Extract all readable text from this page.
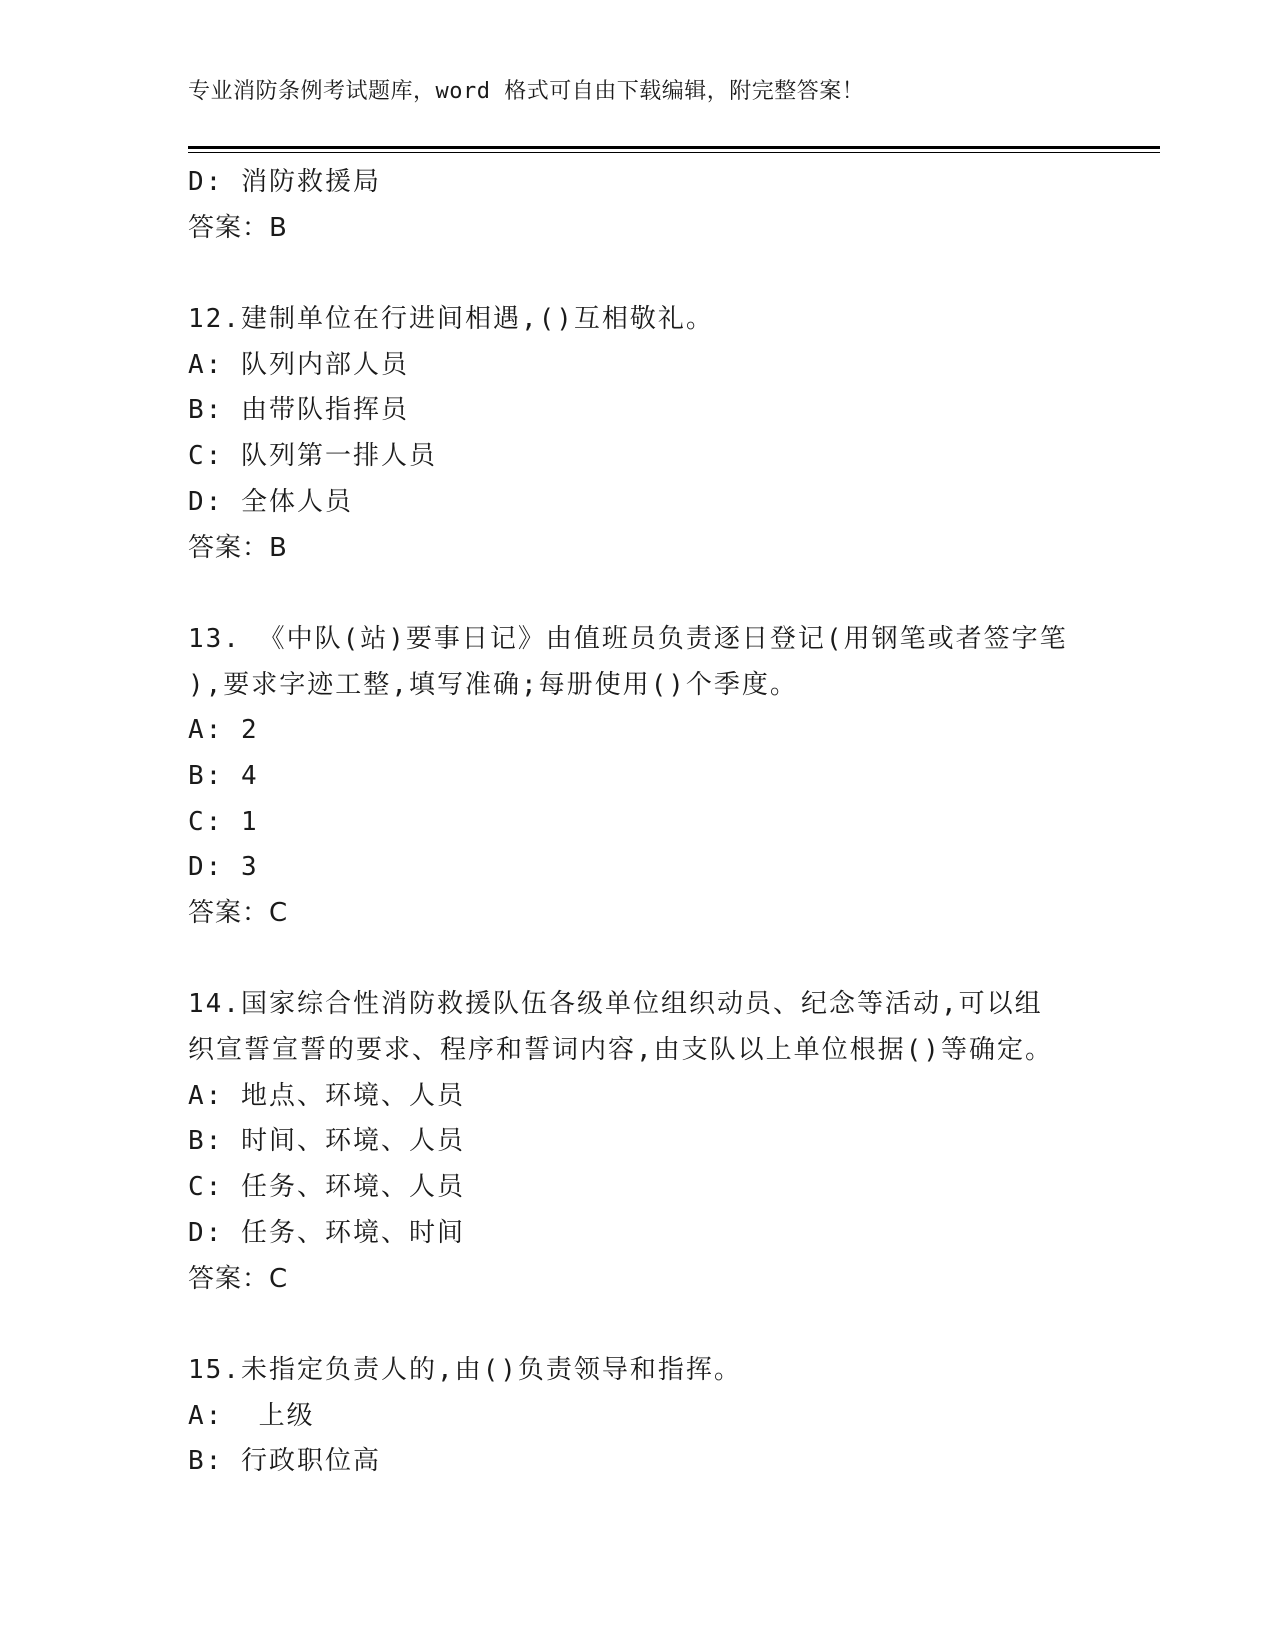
专业消防条例考试题库，word 格式可自由下载编辑，附完整答案！
D: 消防救援局
答案：B
12.建制单位在行进间相遇,()互相敬礼。
A: 队列内部人员
B: 由带队指挥员
C: 队列第一排人员
D: 全体人员
答案：B
13. 《中队(站)要事日记》由值班员负责逐日登记(用钢笔或者签字笔
),要求字迹工整,填写准确;每册使用()个季度。
A: 2
B: 4
C: 1
D: 3
答案：C
14.国家综合性消防救援队伍各级单位组织动员、纪念等活动,可以组
织宣誓宣誓的要求、程序和誓词内容,由支队以上单位根据()等确定。
A: 地点、环境、人员
B: 时间、环境、人员
C: 任务、环境、人员
D: 任务、环境、时间
答案：C
15.未指定负责人的,由()负责领导和指挥。
A:  上级
B: 行政职位高
